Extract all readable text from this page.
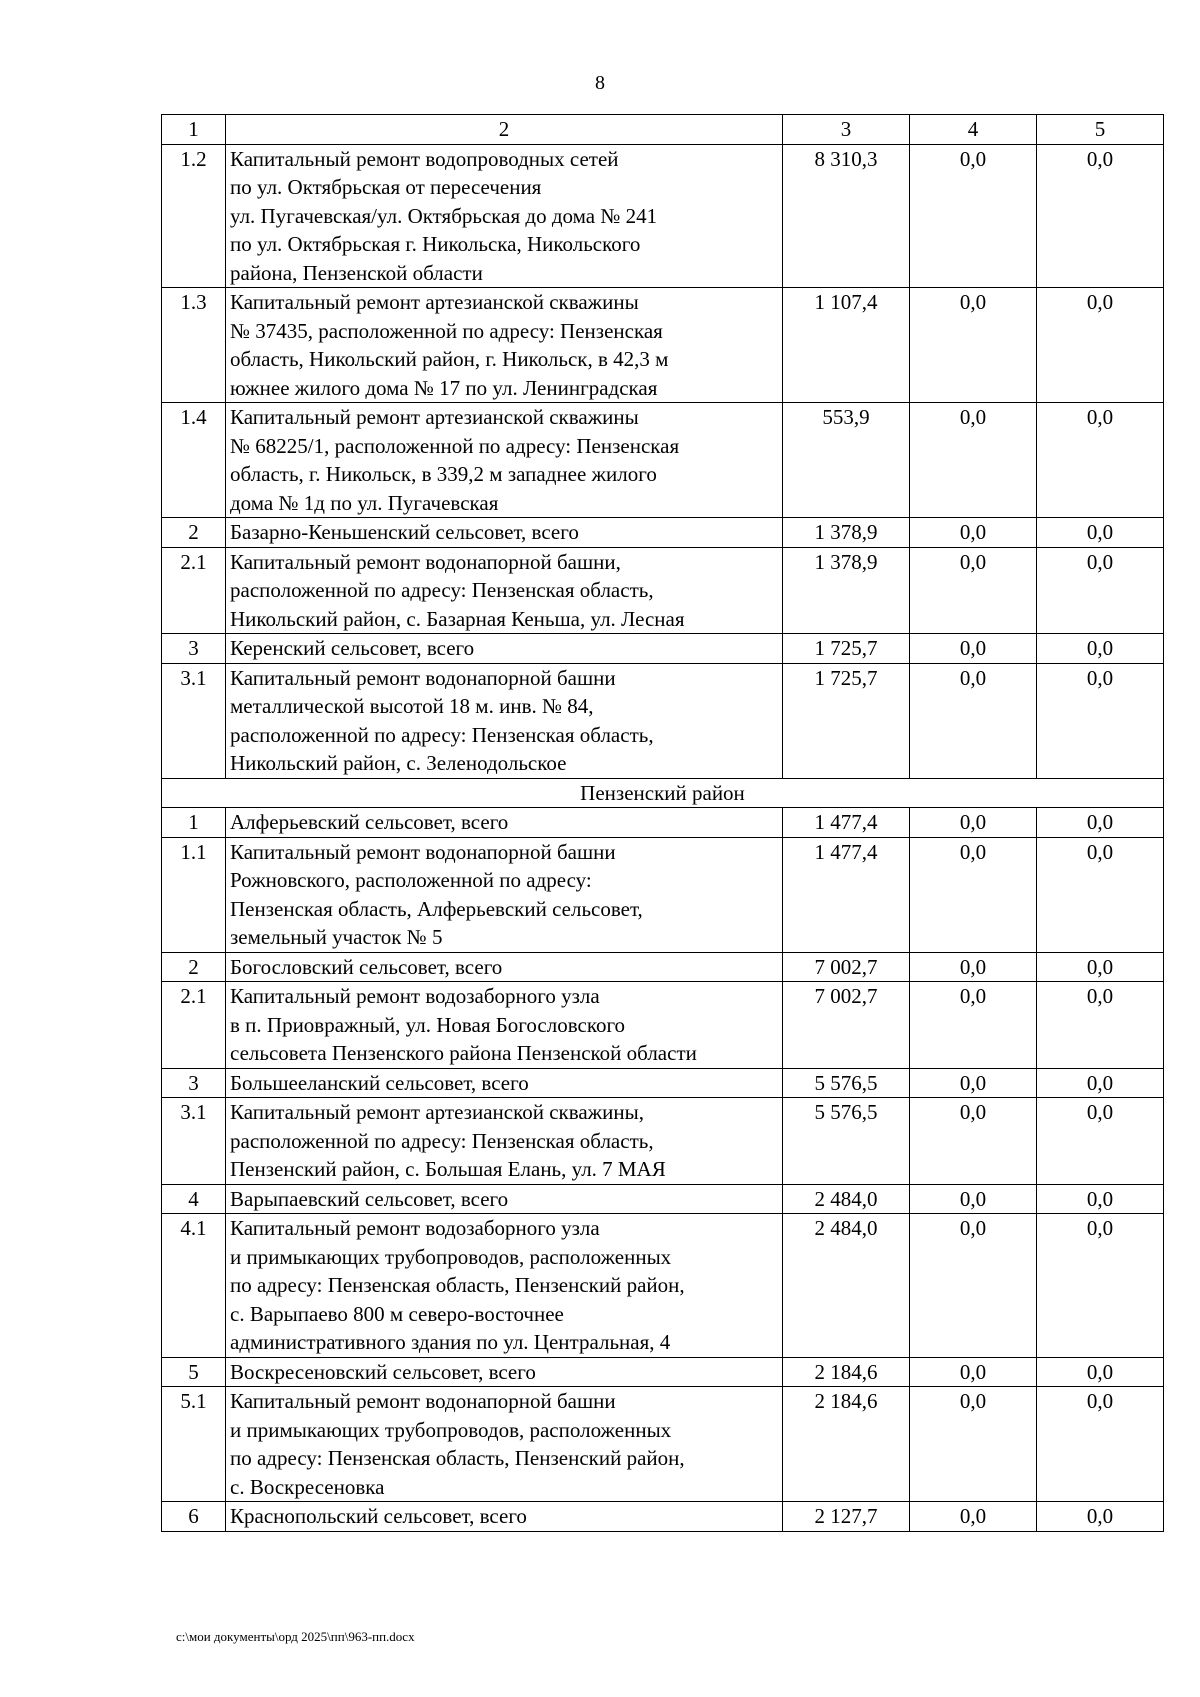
8
1	2	3	4	5
1.2	Капитальный ремонт водопроводных сетей
по ул. Октябрьская от пересечения
ул. Пугачевская/ул. Октябрьская до дома № 241
по ул. Октябрьская г. Никольска, Никольского
района, Пензенской области	8 310,3	0,0	0,0
1.3	Капитальный ремонт артезианской скважины
№ 37435, расположенной по адресу: Пензенская
область, Никольский район, г. Никольск, в 42,3 м
южнее жилого дома № 17 по ул. Ленинградская	1 107,4	0,0	0,0
1.4	Капитальный ремонт артезианской скважины
№ 68225/1, расположенной по адресу: Пензенская
область, г. Никольск, в 339,2 м западнее жилого
дома № 1д по ул. Пугачевская	553,9	0,0	0,0
2	Базарно-Кеньшенский сельсовет, всего	1 378,9	0,0	0,0
2.1	Капитальный ремонт водонапорной башни,
расположенной по адресу: Пензенская область,
Никольский район, с. Базарная Кеньша, ул. Лесная	1 378,9	0,0	0,0
3	Керенский сельсовет, всего	1 725,7	0,0	0,0
3.1	Капитальный ремонт водонапорной башни
металлической высотой 18 м. инв. № 84,
расположенной по адресу: Пензенская область,
Никольский район, с. Зеленодольское	1 725,7	0,0	0,0
Пензенский район				
1	Алферьевский сельсовет, всего	1 477,4	0,0	0,0
1.1	Капитальный ремонт водонапорной башни
Рожновского, расположенной по адресу:
Пензенская область, Алферьевский сельсовет,
земельный участок № 5	1 477,4	0,0	0,0
2	Богословский сельсовет, всего	7 002,7	0,0	0,0
2.1	Капитальный ремонт водозаборного узла
в п. Приовражный, ул. Новая Богословского
сельсовета Пензенского района Пензенской области	7 002,7	0,0	0,0
3	Большееланский сельсовет, всего	5 576,5	0,0	0,0
3.1	Капитальный ремонт артезианской скважины,
расположенной по адресу: Пензенская область,
Пензенский район, с. Большая Елань, ул. 7 МАЯ	5 576,5	0,0	0,0
4	Варыпаевский сельсовет, всего	2 484,0	0,0	0,0
4.1	Капитальный ремонт водозаборного узла
и примыкающих трубопроводов, расположенных
по адресу: Пензенская область, Пензенский район,
с. Варыпаево 800 м северо-восточнее
административного здания по ул. Центральная, 4	2 484,0	0,0	0,0
5	Воскресеновский сельсовет, всего	2 184,6	0,0	0,0
5.1	Капитальный ремонт водонапорной башни
и примыкающих трубопроводов, расположенных
по адресу: Пензенская область, Пензенский район,
с. Воскресеновка	2 184,6	0,0	0,0
6	Краснопольский сельсовет, всего	2 127,7	0,0	0,0
c:\мои документы\орд 2025\пп\963-пп.docx
